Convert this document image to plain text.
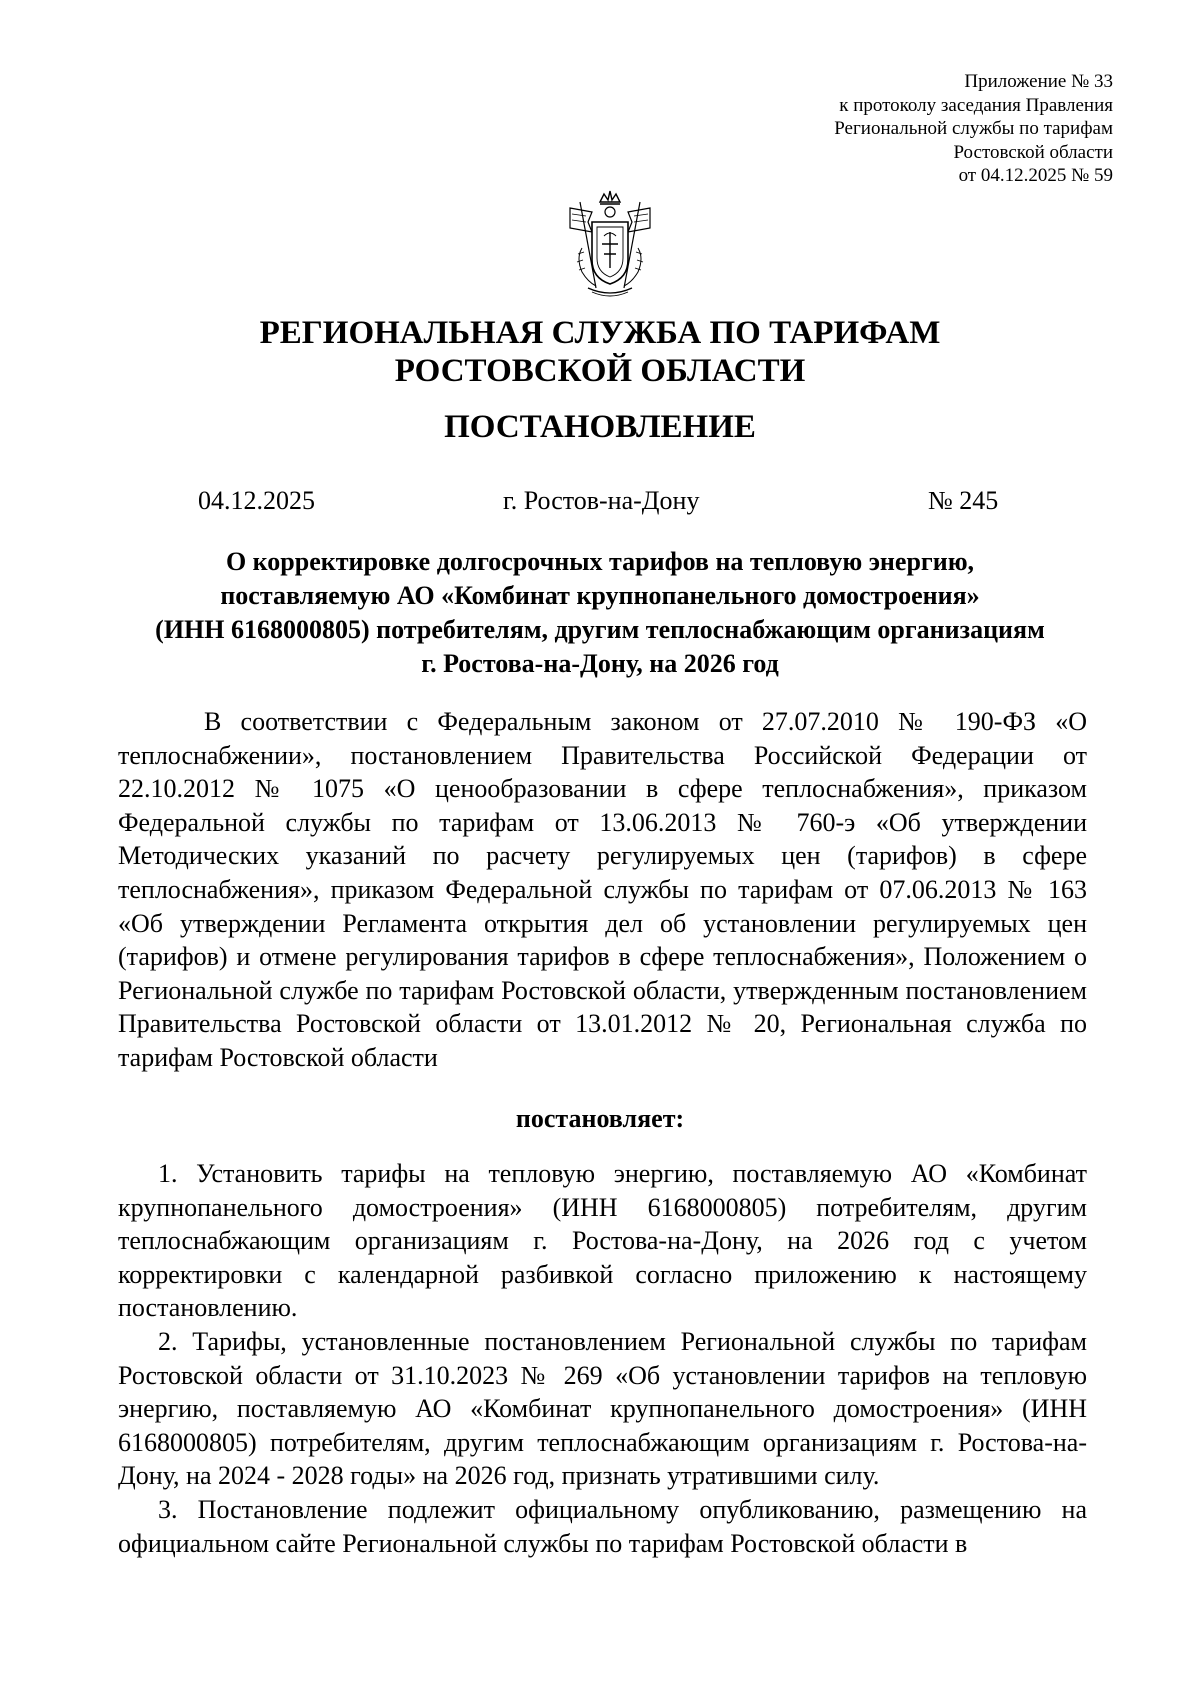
Приложение № 33
к протоколу заседания Правления
Региональной службы по тарифам
Ростовской области
от 04.12.2025 № 59
РЕГИОНАЛЬНАЯ СЛУЖБА ПО ТАРИФАМ
РОСТОВСКОЙ ОБЛАСТИ
ПОСТАНОВЛЕНИЕ
04.12.2025	г. Ростов-на-Дону	№ 245
О корректировке долгосрочных тарифов на тепловую энергию,
поставляемую АО «Комбинат крупнопанельного домостроения»
(ИНН 6168000805) потребителям, другим теплоснабжающим организациям
г. Ростова-на-Дону, на 2026 год
В соответствии с Федеральным законом от 27.07.2010 № 190-ФЗ «О теплоснабжении», постановлением Правительства Российской Федерации от 22.10.2012 № 1075 «О ценообразовании в сфере теплоснабжения», приказом Федеральной службы по тарифам от 13.06.2013 № 760-э «Об утверждении Методических указаний по расчету регулируемых цен (тарифов) в сфере теплоснабжения», приказом Федеральной службы по тарифам от 07.06.2013 № 163 «Об утверждении Регламента открытия дел об установлении регулируемых цен (тарифов) и отмене регулирования тарифов в сфере теплоснабжения», Положением о Региональной службе по тарифам Ростовской области, утвержденным постановлением Правительства Ростовской области от 13.01.2012 № 20, Региональная служба по тарифам Ростовской области
постановляет:

1. Установить тарифы на тепловую энергию, поставляемую АО «Комбинат крупнопанельного домостроения» (ИНН 6168000805) потребителям, другим теплоснабжающим организациям г. Ростова-на-Дону, на 2026 год с учетом корректировки с календарной разбивкой согласно приложению к настоящему постановлению.

2. Тарифы, установленные постановлением Региональной службы по тарифам Ростовской области от 31.10.2023 № 269 «Об установлении тарифов на тепловую энергию, поставляемую АО «Комбинат крупнопанельного домостроения» (ИНН 6168000805) потребителям, другим теплоснабжающим организациям г. Ростова-на-Дону, на 2024 - 2028 годы» на 2026 год, признать утратившими силу.

3. Постановление подлежит официальному опубликованию, размещению на официальном сайте Региональной службы по тарифам Ростовской области в
